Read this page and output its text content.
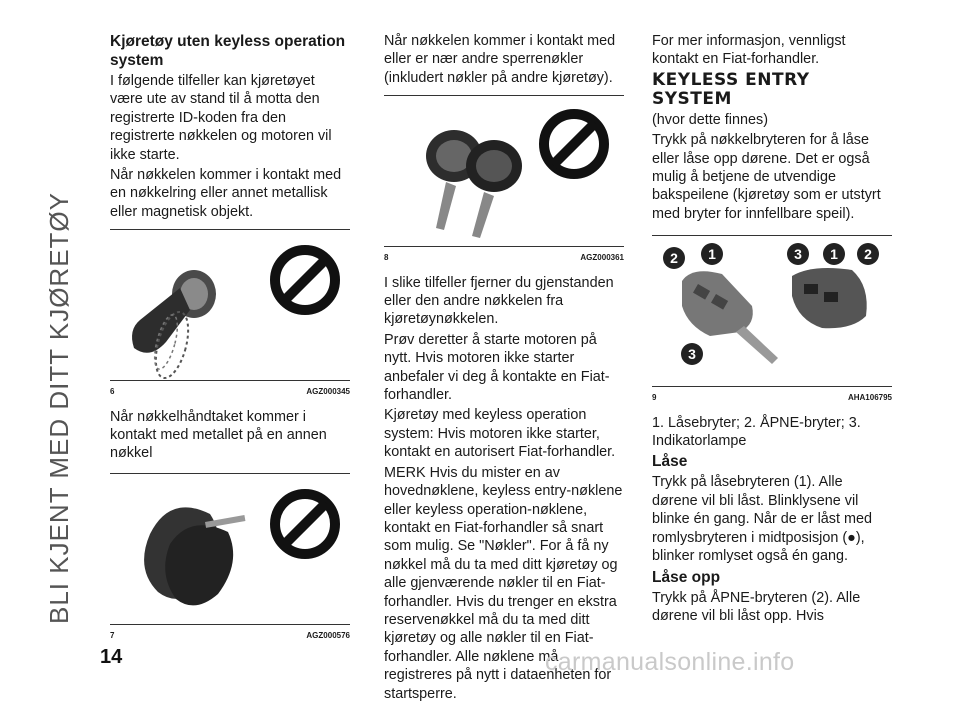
BLI KJENT MED DITT KJØRETØY

Kjøretøy uten keyless operation system

I følgende tilfeller kan kjøretøyet være ute av stand til å motta den registrerte ID-koden fra den registrerte nøkkelen og motoren vil ikke starte.

Når nøkkelen kommer i kontakt med en nøkkelring eller annet metallisk eller magnetisk objekt.

6	AGZ000345

Når nøkkelhåndtaket kommer i kontakt med metallet på en annen nøkkel

7	AGZ000576

Når nøkkelen kommer i kontakt med eller er nær andre sperrenøkler (inkludert nøkler på andre kjøretøy).

8	AGZ000361

I slike tilfeller fjerner du gjenstanden eller den andre nøkkelen fra kjøretøynøkkelen.

Prøv deretter å starte motoren på nytt. Hvis motoren ikke starter anbefaler vi deg å kontakte en Fiat-forhandler.

Kjøretøy med keyless operation system: Hvis motoren ikke starter, kontakt en autorisert Fiat-forhandler.

MERK Hvis du mister en av hovednøklene, keyless entry-nøklene eller keyless operation-nøklene, kontakt en Fiat-forhandler så snart som mulig. Se "Nøkler". For å få ny nøkkel må du ta med ditt kjøretøy og alle gjenværende nøkler til en Fiat-forhandler. Hvis du trenger en ekstra reservenøkkel må du ta med ditt kjøretøy og alle nøkler til en Fiat-forhandler. Alle nøklene må registreres på nytt i dataenheten for startsperre.

For mer informasjon, vennligst kontakt en Fiat-forhandler.

KEYLESS ENTRY SYSTEM

(hvor dette finnes)

Trykk på nøkkelbryteren for å låse eller låse opp dørene. Det er også mulig å betjene de utvendige bakspeilene (kjøretøy som er utstyrt med bryter for innfellbare speil).

2 1	3 1 2
3
9	AHA106795

1. Låsebryter; 2. ÅPNE-bryter; 3. Indikatorlampe

Låse

Trykk på låsebryteren (1). Alle dørene vil bli låst. Blinklysene vil blinke én gang. Når de er låst med romlysbryteren i midtposisjon (●), blinker romlyset også én gang.

Låse opp

Trykk på ÅPNE-bryteren (2). Alle dørene vil bli låst opp. Hvis

14	carmanualsonline.info
